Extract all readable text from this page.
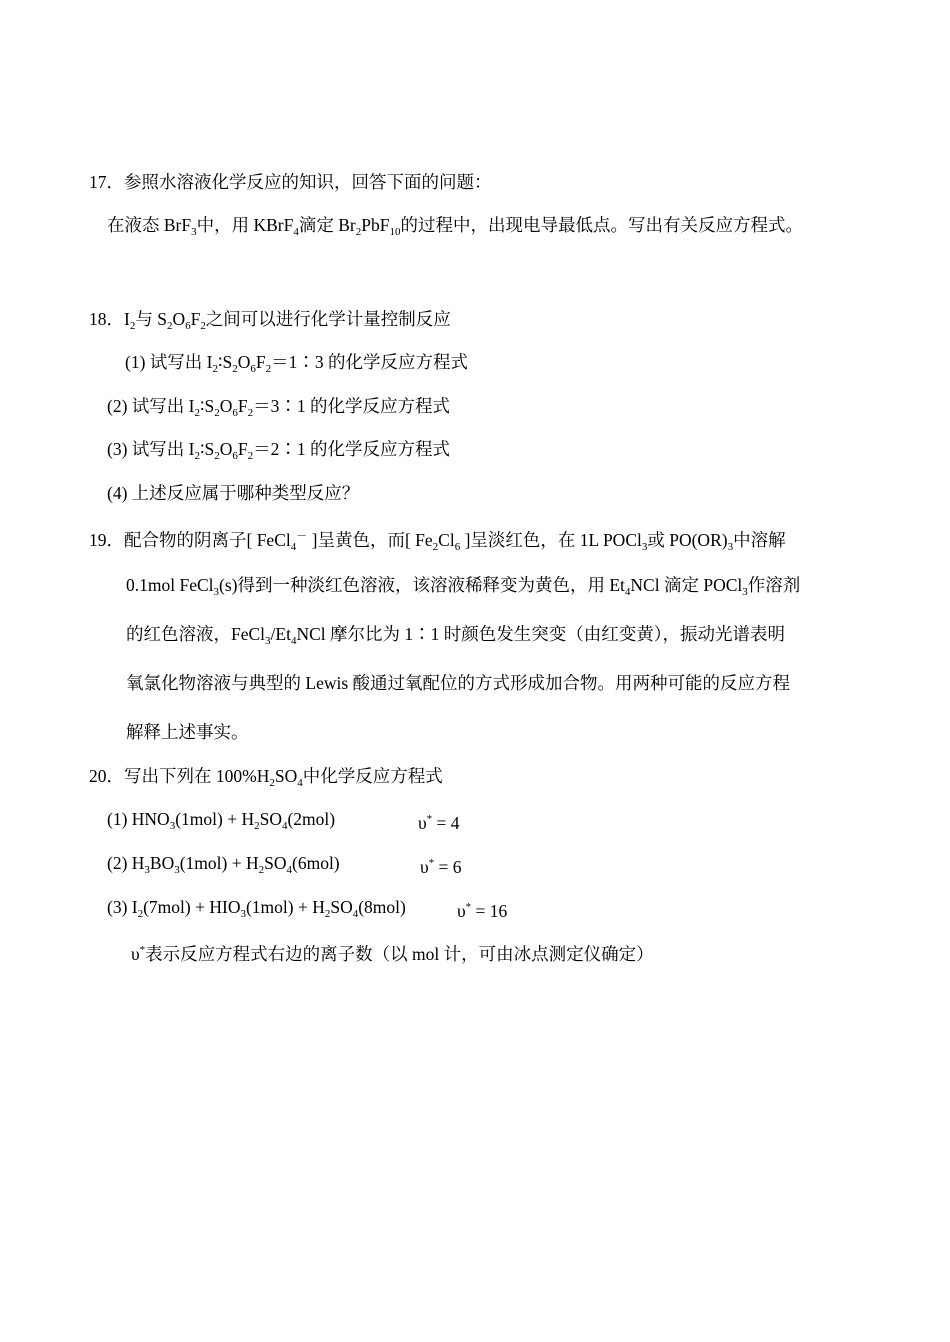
17．参照水溶液化学反应的知识，回答下面的问题：
在液态 BrF$_3$中，用 KBrF$_4$滴定 $Br_2PbF_{10}$的过程中，出现电导最低点。写出有关反应方程式。
18．$I_2$与 $S_2O_6F_2$之间可以进行化学计量控制反应
(1) 试写出 $I_2∶S_2O_6F_2=1∶3$ 的化学反应方程式
(2) 试写出 $I_2∶S_2O_6F_2=3∶1$ 的化学反应方程式
(3) 试写出 $I_2∶S_2O_6F_2=2∶1$ 的化学反应方程式
(4) 上述反应属于哪种类型反应？
19．配合物的阴离子[ FeCl$_4$－ ]呈黄色，而[ $Fe_2Cl_6$ ]呈淡红色，在 1L POCl$_3$或 $PO(OR)_3$中溶解
0.1mol FeCl$_3$(s)得到一种淡红色溶液，该溶液稀释变为黄色，用 $Et_4NCl$ 滴定 POCl$_3$作溶剂
的红色溶液，$FeCl_3/Et_4NCl$ 摩尔比为 1∶1 时颜色发生突变（由红变黄），振动光谱表明
氧氯化物溶液与典型的 Lewis 酸通过氧配位的方式形成加合物。用两种可能的反应方程
解释上述事实。
20．写出下列在 $100\%H_2SO_4$中化学反应方程式
(1) $HNO_3(1mol) + H_2SO_4(2mol)$	υ* = 4
(2) $H_3BO_3(1mol) + H_2SO_4(6mol)$	υ* = 6
(3) $I_2(7mol) + HIO_3(1mol) + H_2SO_4(8mol)$	υ* = 16
υ*表示反应方程式右边的离子数（以 mol 计，可由冰点测定仪确定）
